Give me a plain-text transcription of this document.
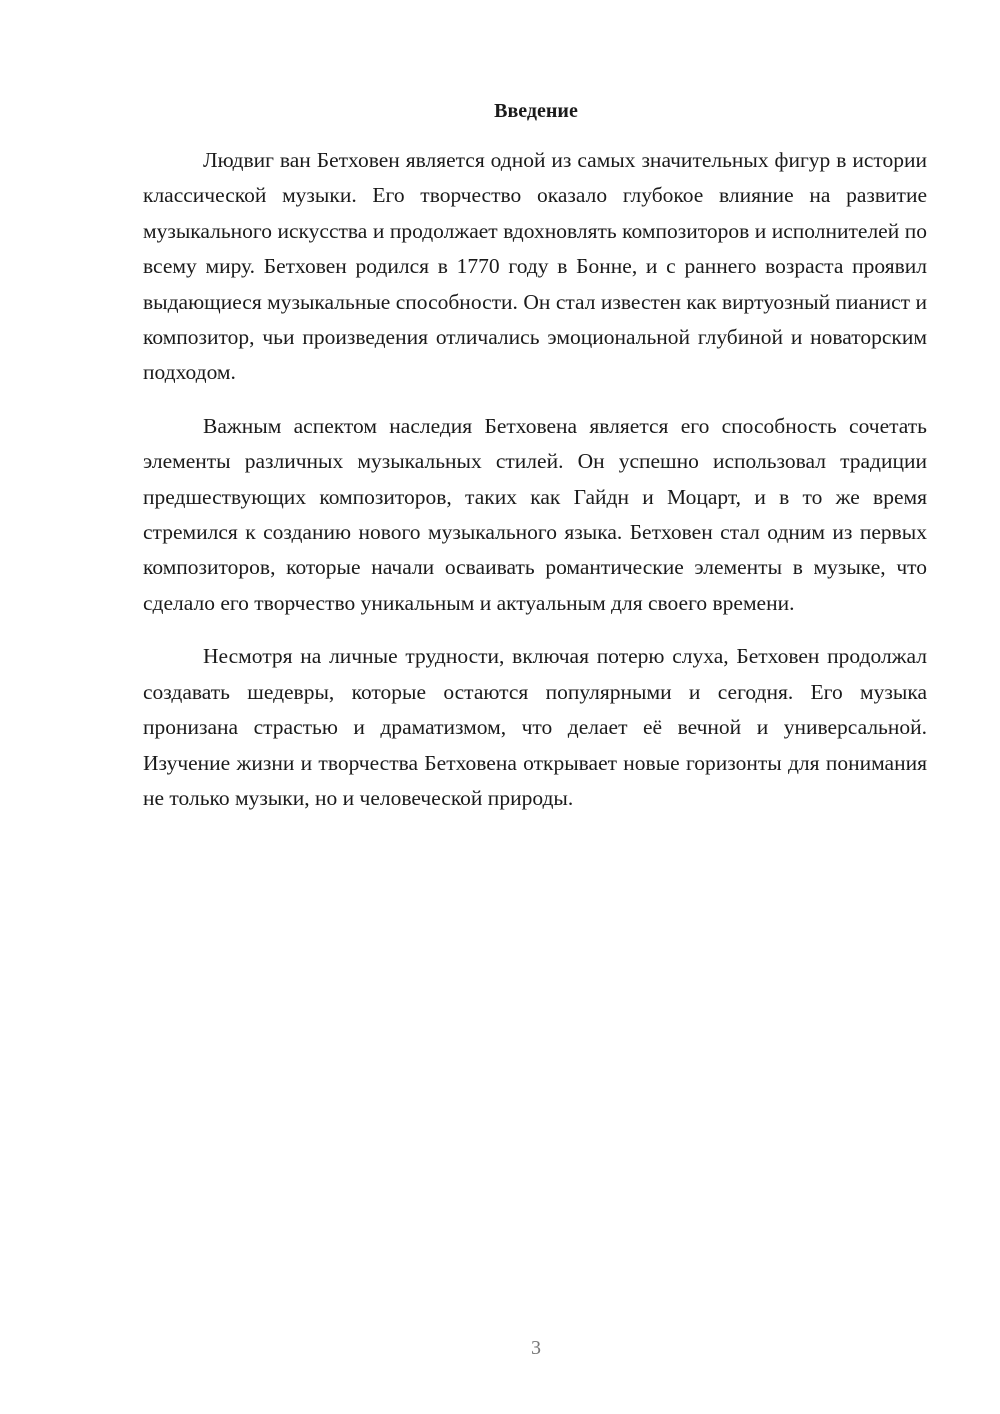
Введение

Людвиг ван Бетховен является одной из самых значительных фигур в истории классической музыки. Его творчество оказало глубокое влияние на развитие музыкального искусства и продолжает вдохновлять композиторов и исполнителей по всему миру. Бетховен родился в 1770 году в Бонне, и с раннего возраста проявил выдающиеся музыкальные способности. Он стал известен как виртуозный пианист и композитор, чьи произведения отличались эмоциональной глубиной и новаторским подходом.

Важным аспектом наследия Бетховена является его способность сочетать элементы различных музыкальных стилей. Он успешно использовал традиции предшествующих композиторов, таких как Гайдн и Моцарт, и в то же время стремился к созданию нового музыкального языка. Бетховен стал одним из первых композиторов, которые начали осваивать романтические элементы в музыке, что сделало его творчество уникальным и актуальным для своего времени.

Несмотря на личные трудности, включая потерю слуха, Бетховен продолжал создавать шедевры, которые остаются популярными и сегодня. Его музыка пронизана страстью и драматизмом, что делает её вечной и универсальной. Изучение жизни и творчества Бетховена открывает новые горизонты для понимания не только музыки, но и человеческой природы.

3
